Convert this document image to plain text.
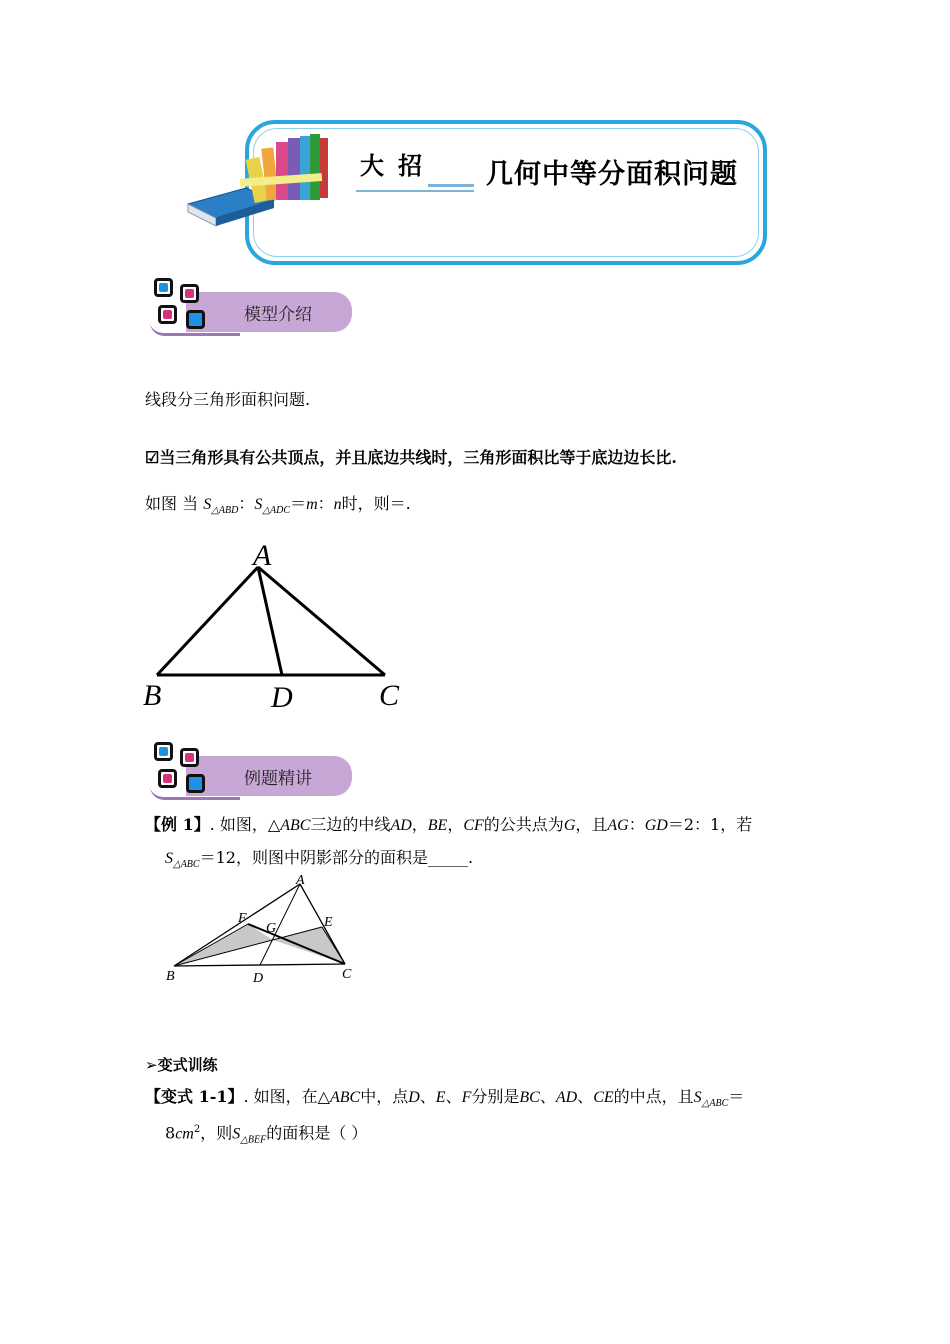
大招 几何中等分面积问题
模型介绍
线段分三角形面积问题.
☑当三角形具有公共顶点，并且底边共线时，三角形面积比等于底边边长比.
如图 当 $S_{\triangle ABD}$：$S_{\triangle ADC}=m$：n时，则＝.
A
B	D	C
例题精讲
【例 1】. 如图，△ABC三边的中线AD，BE，CF的公共点为G，且AG：GD＝2：1，若
$S_{\triangle ABC}=12$，则图中阴影部分的面积是_____.
A
F	E
G
B	D	C
➢变式训练
【变式 1-1】. 如图，在△ABC中，点D、E、F分别是BC、AD、CE的中点，且$S_{\triangle ABC}=$
$8cm^2$，则$S_{\triangle BEF}$的面积是（ ）
